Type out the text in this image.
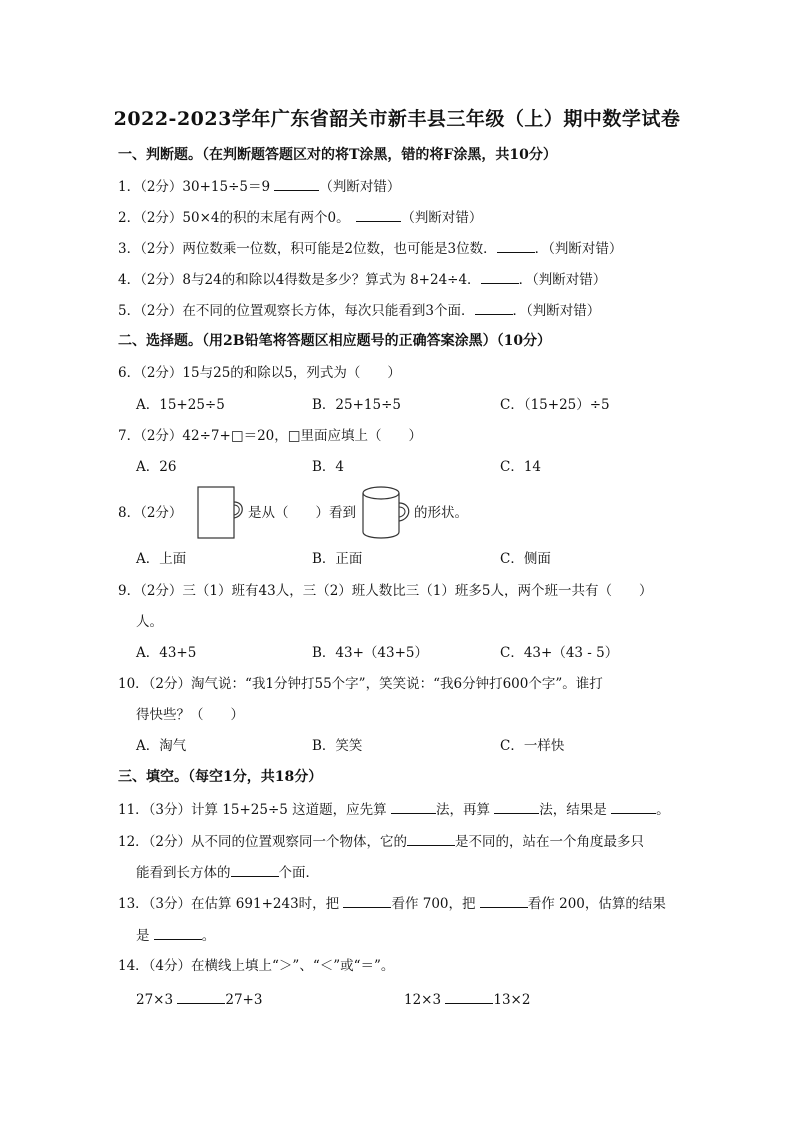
2022-2023学年广东省韶关市新丰县三年级（上）期中数学试卷
一、判断题。（在判断题答题区对的将T涂黑，错的将F涂黑，共10分）
1．（2分）30+15÷5＝9	（判断对错）
2．（2分）50×4的积的末尾有两个0。　	（判断对错）
3．（2分）两位数乘一位数，积可能是2位数，也可能是3位数．	．（判断对错）
4．（2分）8与24的和除以4得数是多少？算式为 8+24÷4．	．（判断对错）
5．（2分）在不同的位置观察长方体，每次只能看到3个面．	．（判断对错）
二、选择题。（用2B铅笔将答题区相应题号的正确答案涂黑）（10分）
6．（2分）15与25的和除以5，列式为（　　）
A．15+25÷5	B．25+15÷5	C．（15+25）÷5
7．（2分）42÷7+□＝20，□里面应填上（　　）
A．26	B．4	C．14
8．（2分）	是从（　　）看到	的形状。
A．上面	B．正面	C．侧面
9．（2分）三（1）班有43人，三（2）班人数比三（1）班多5人，两个班一共有（　　）
人。
A．43+5	B．43+（43+5）	C．43+（43 - 5）
10．（2分）淘气说：“我1分钟打55个字”，笑笑说：“我6分钟打600个字”。谁打
得快些？（　　）
A．淘气	B．笑笑	C．一样快
三、填空。（每空1分，共18分）
11．（3分）计算 15+25÷5 这道题，应先算	法，再算	法，结果是	。
12．（2分）从不同的位置观察同一个物体，它的	是不同的，站在一个角度最多只
能看到长方体的	个面．
13．（3分）在估算 691+243时，把	看作 700，把	看作 200，估算的结果
是	。
14．（4分）在横线上填上“＞”、“＜”或“＝”。
27×3	27+3	12×3	13×2
